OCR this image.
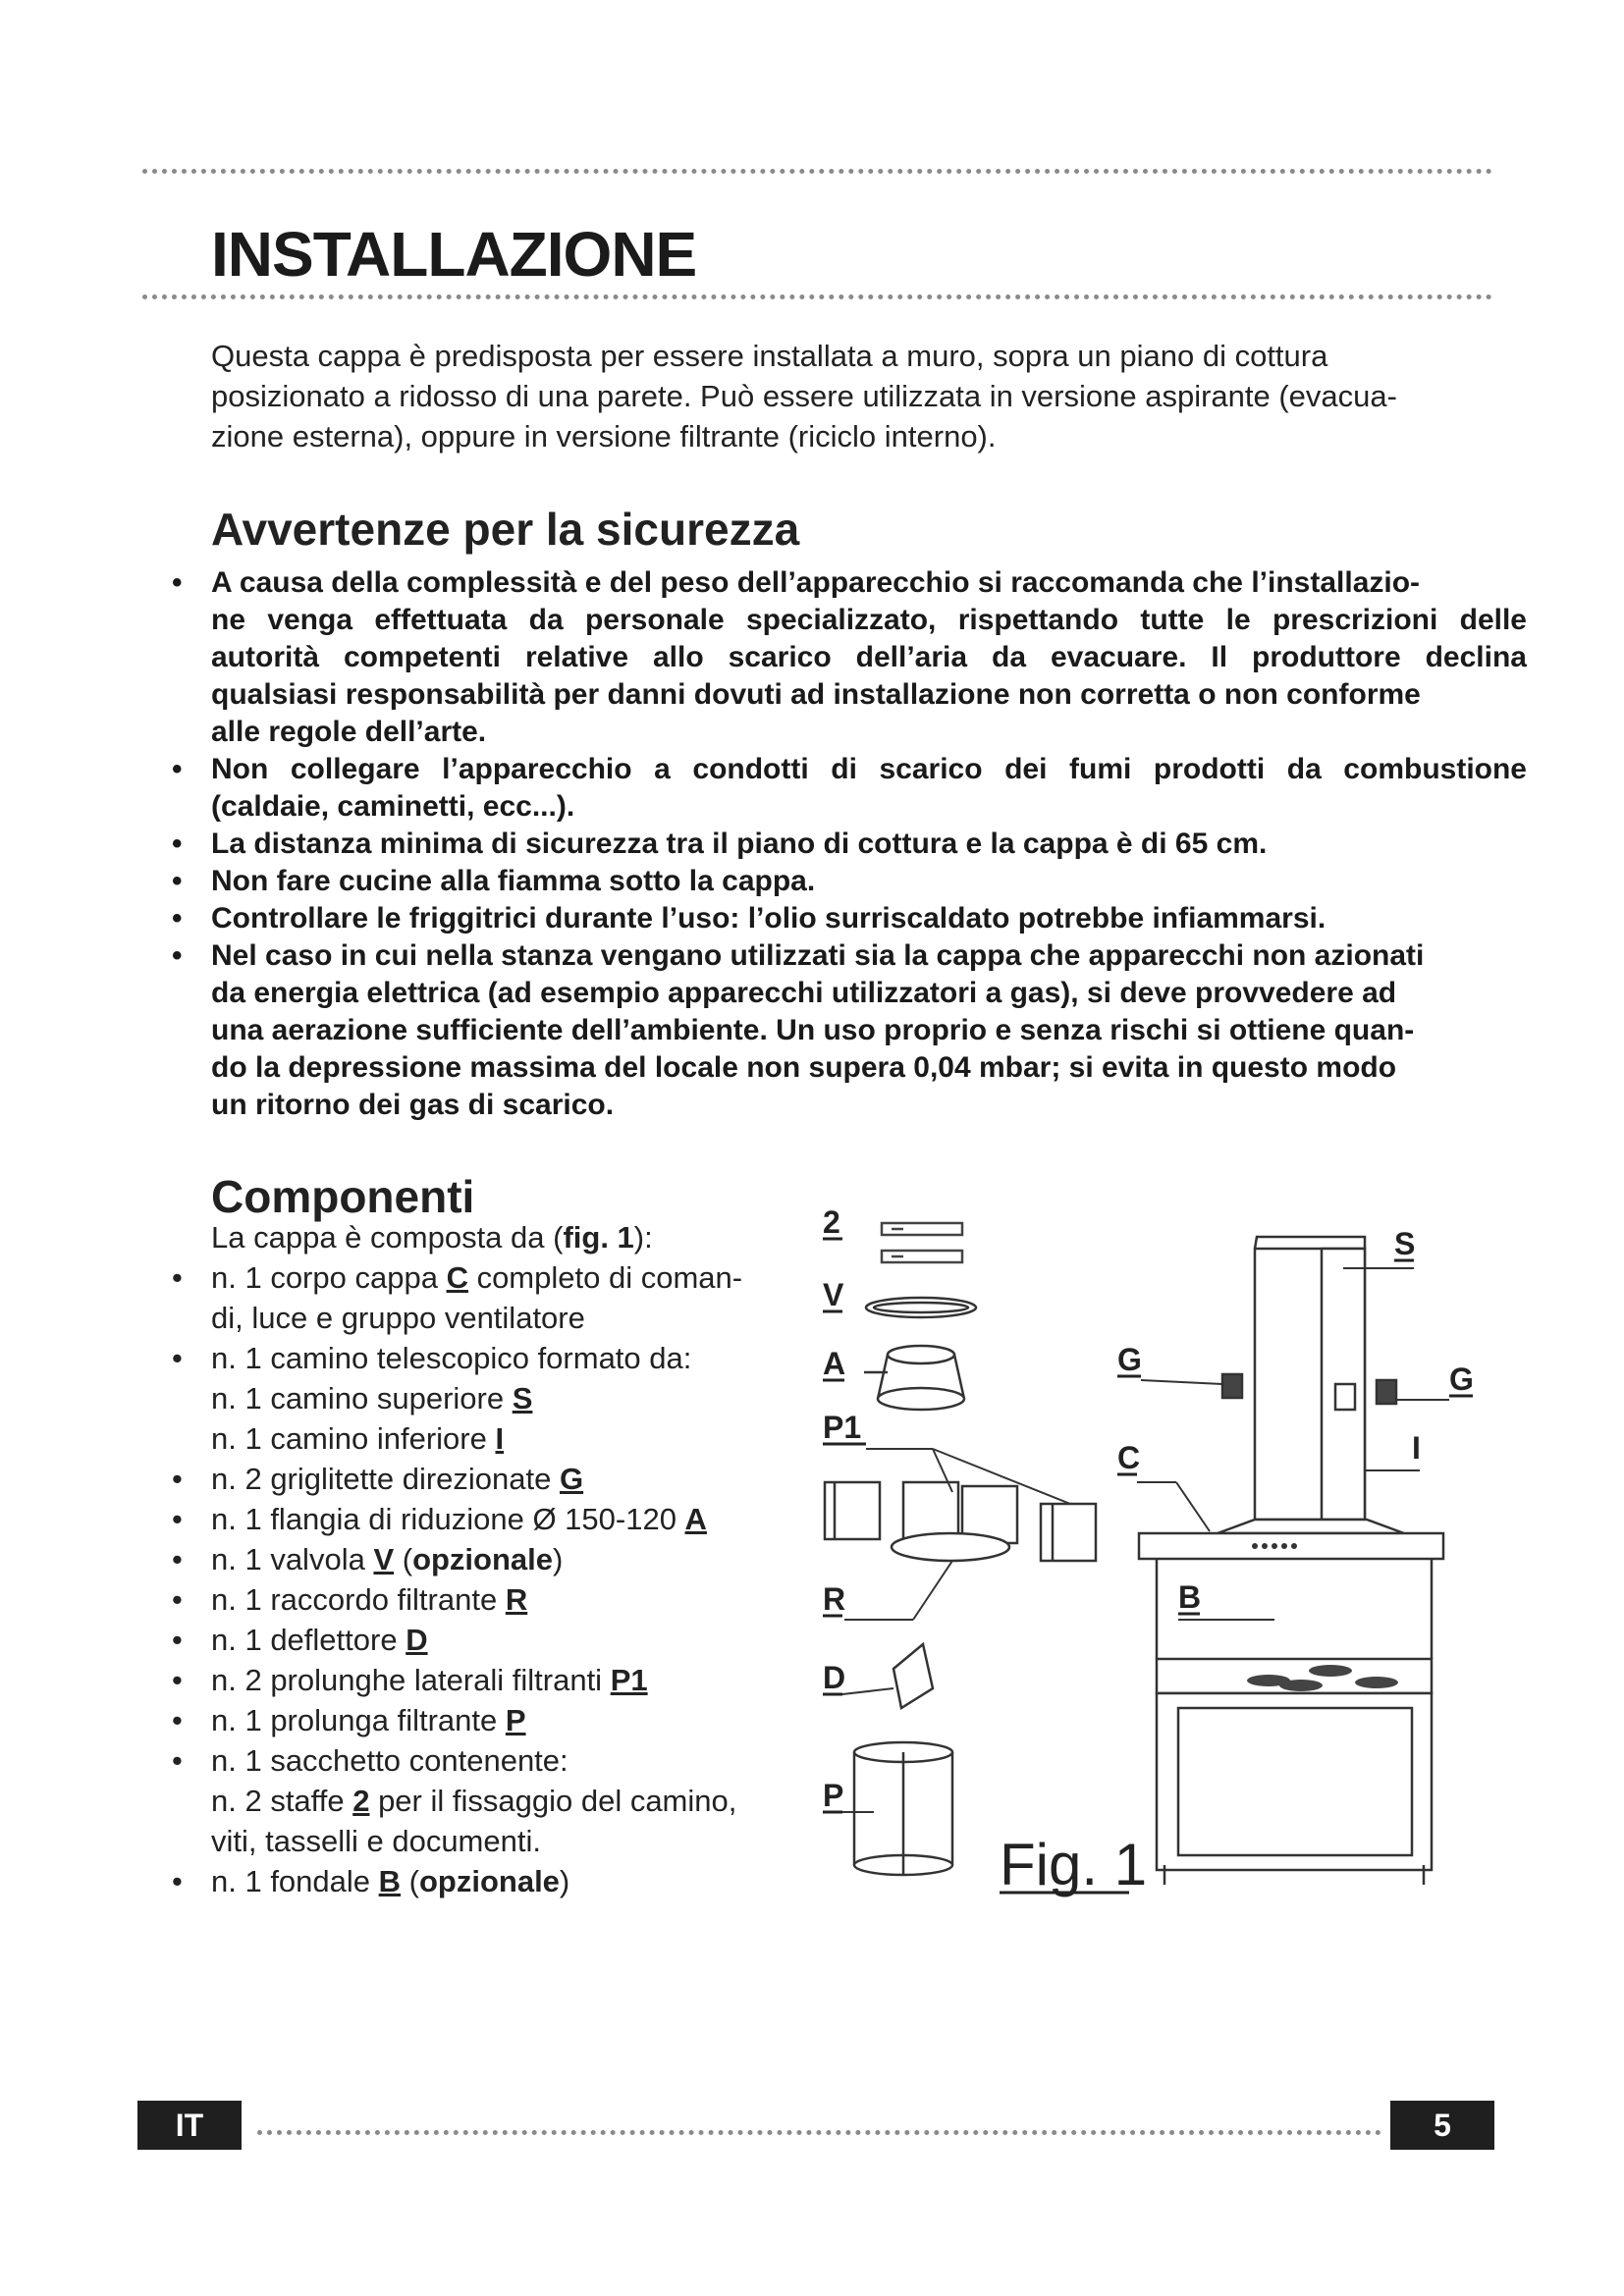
INSTALLAZIONE
Questa cappa è predisposta per essere installata a muro, sopra un piano di cottura
posizionato a ridosso di una parete. Può essere utilizzata in versione aspirante (evacua-
zione esterna), oppure in versione filtrante (riciclo interno).
Avvertenze per la sicurezza
• A causa della complessità e del peso dell’apparecchio si raccomanda che l’installazio-
ne venga effettuata da personale specializzato, rispettando tutte le prescrizioni delle
autorità competenti relative allo scarico dell’aria da evacuare. Il produttore declina
qualsiasi responsabilità per danni dovuti ad installazione non corretta o non conforme
alle regole dell’arte.
• Non collegare l’apparecchio a condotti di scarico dei fumi prodotti da combustione
(caldaie, caminetti, ecc...).
• La distanza minima di sicurezza tra il piano di cottura e la cappa è di 65 cm.
• Non fare cucine alla fiamma sotto la cappa.
• Controllare le friggitrici durante l’uso: l’olio surriscaldato potrebbe infiammarsi.
• Nel caso in cui nella stanza vengano utilizzati sia la cappa che apparecchi non azionati
da energia elettrica (ad esempio apparecchi utilizzatori a gas), si deve provvedere ad
una aerazione sufficiente dell’ambiente. Un uso proprio e senza rischi si ottiene quan-
do la depressione massima del locale non supera 0,04 mbar; si evita in questo modo
un ritorno dei gas di scarico.
Componenti
La cappa è composta da (fig. 1):
• n. 1 corpo cappa C completo di coman-
di, luce e gruppo ventilatore
• n. 1 camino telescopico formato da:
n. 1 camino superiore S
n. 1 camino inferiore I
• n. 2 griglitette direzionate G
• n. 1 flangia di riduzione Ø 150-120 A
• n. 1 valvola V (opzionale)
• n. 1 raccordo filtrante R
• n. 1 deflettore D
• n. 2 prolunghe laterali filtranti P1
• n. 1 prolunga filtrante P
• n. 1 sacchetto contenente:
n. 2 staffe 2 per il fissaggio del camino,
viti, tasselli e documenti.
• n. 1 fondale B (opzionale)
2
V
A
P1
R
D
P
Fig. 1
S
G
G
I
C
B
IT	5
